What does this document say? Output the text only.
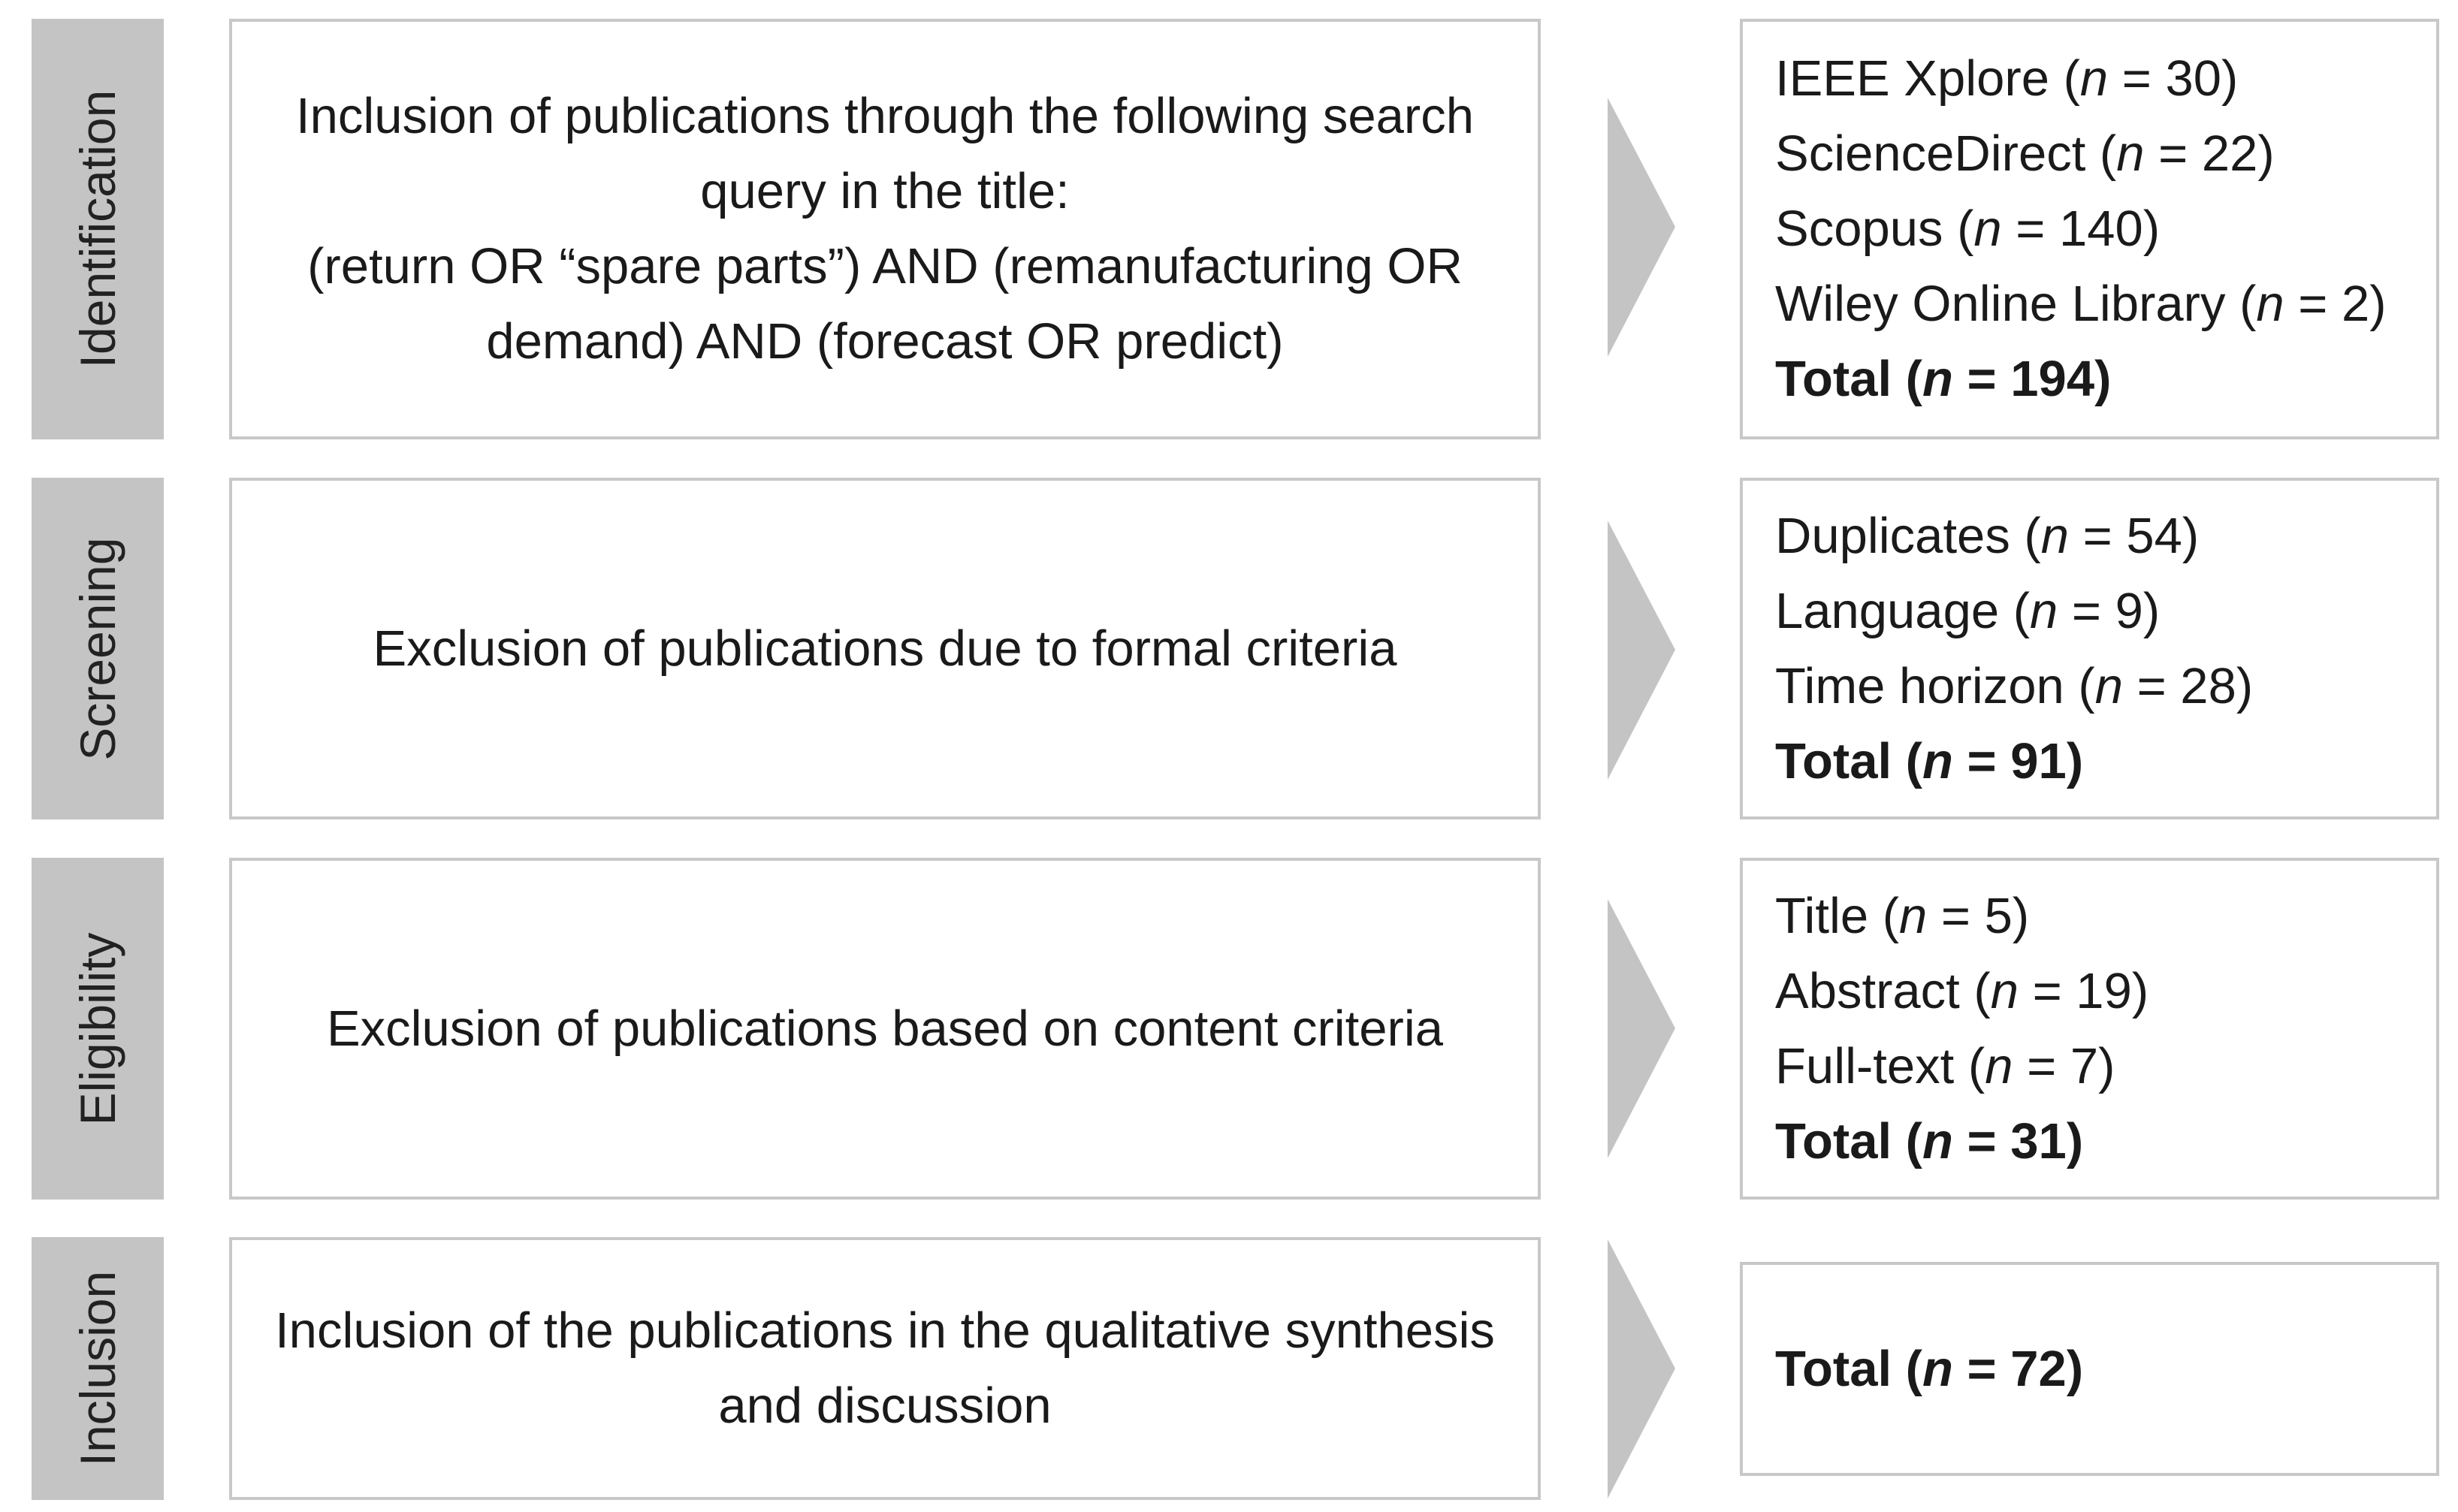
Identification	Inclusion of publications through the following search
query in the title:
(return OR “spare parts”) AND (remanufacturing OR
demand) AND (forecast OR predict)
IEEE Xplore (n = 30)
ScienceDirect (n = 22)
Scopus (n = 140)
Wiley Online Library (n = 2)
Total (n = 194)
Screening	Exclusion of publications due to formal criteria
Duplicates (n = 54)
Language (n = 9)
Time horizon (n = 28)
Total (n = 91)
Eligibility	Exclusion of publications based on content criteria
Title (n = 5)
Abstract (n = 19)
Full-text (n = 7)
Total (n = 31)
Inclusion	Inclusion of the publications in the qualitative synthesis
and discussion
Total (n = 72)
